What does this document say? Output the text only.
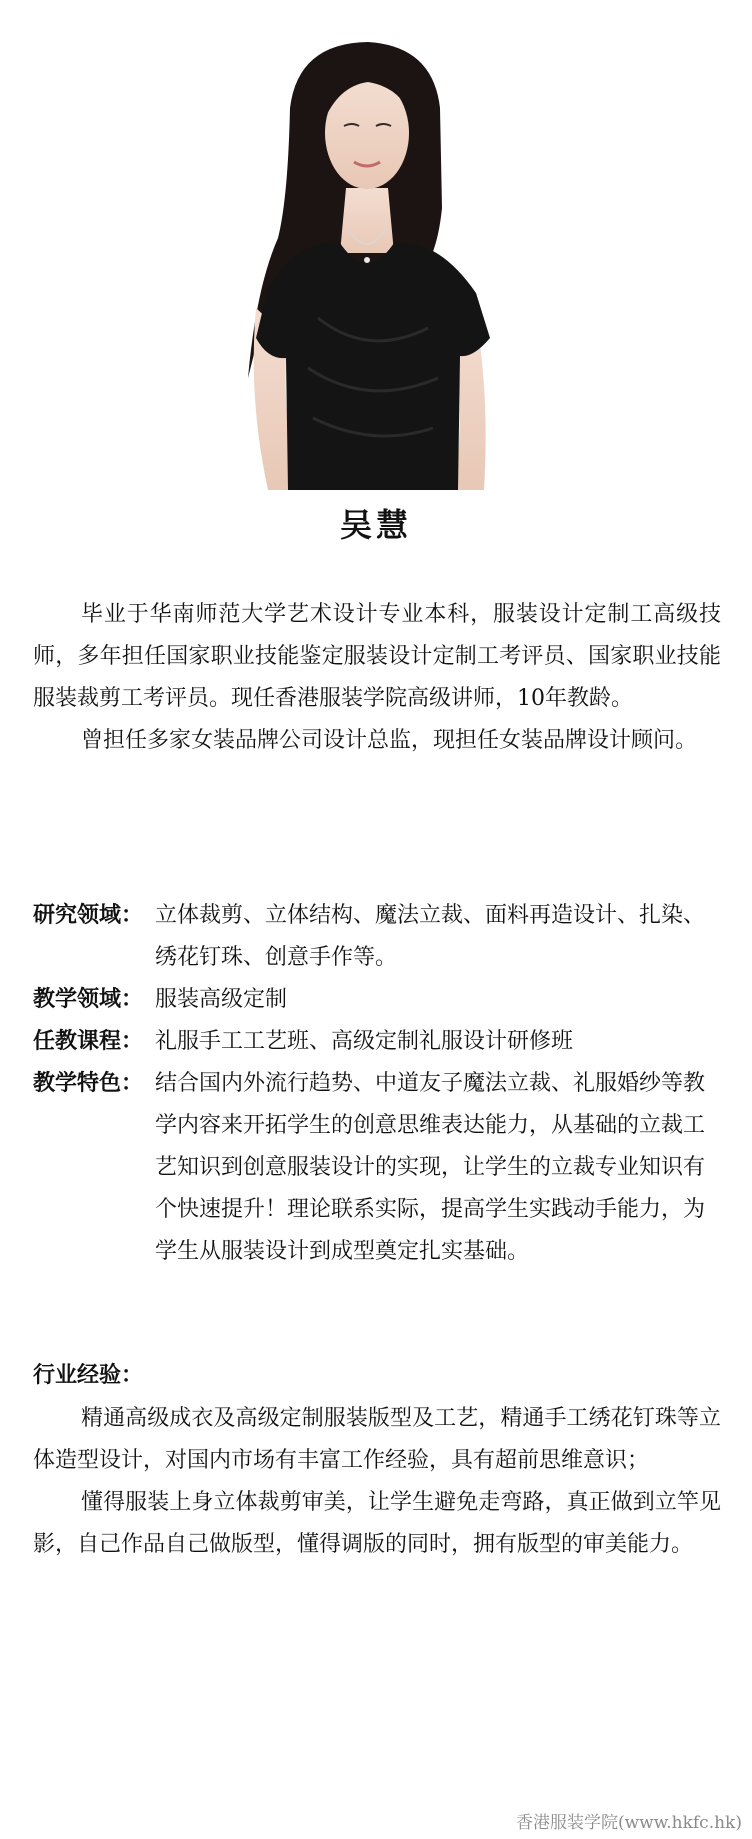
吴慧

毕业于华南师范大学艺术设计专业本科，服装设计定制工高级技师，多年担任国家职业技能鉴定服装设计定制工考评员、国家职业技能服装裁剪工考评员。现任香港服装学院高级讲师，10年教龄。

曾担任多家女装品牌公司设计总监，现担任女装品牌设计顾问。

研究领域： 立体裁剪、立体结构、魔法立裁、面料再造设计、扎染、绣花钉珠、创意手作等。
教学领域： 服装高级定制
任教课程： 礼服手工工艺班、高级定制礼服设计研修班
教学特色： 结合国内外流行趋势、中道友子魔法立裁、礼服婚纱等教学内容来开拓学生的创意思维表达能力，从基础的立裁工艺知识到创意服装设计的实现，让学生的立裁专业知识有个快速提升！理论联系实际，提高学生实践动手能力，为学生从服装设计到成型奠定扎实基础。
行业经验：

精通高级成衣及高级定制服装版型及工艺，精通手工绣花钉珠等立体造型设计，对国内市场有丰富工作经验，具有超前思维意识；

懂得服装上身立体裁剪审美，让学生避免走弯路，真正做到立竿见影，自己作品自己做版型，懂得调版的同时，拥有版型的审美能力。

香港服装学院(www.hkfc.hk)
